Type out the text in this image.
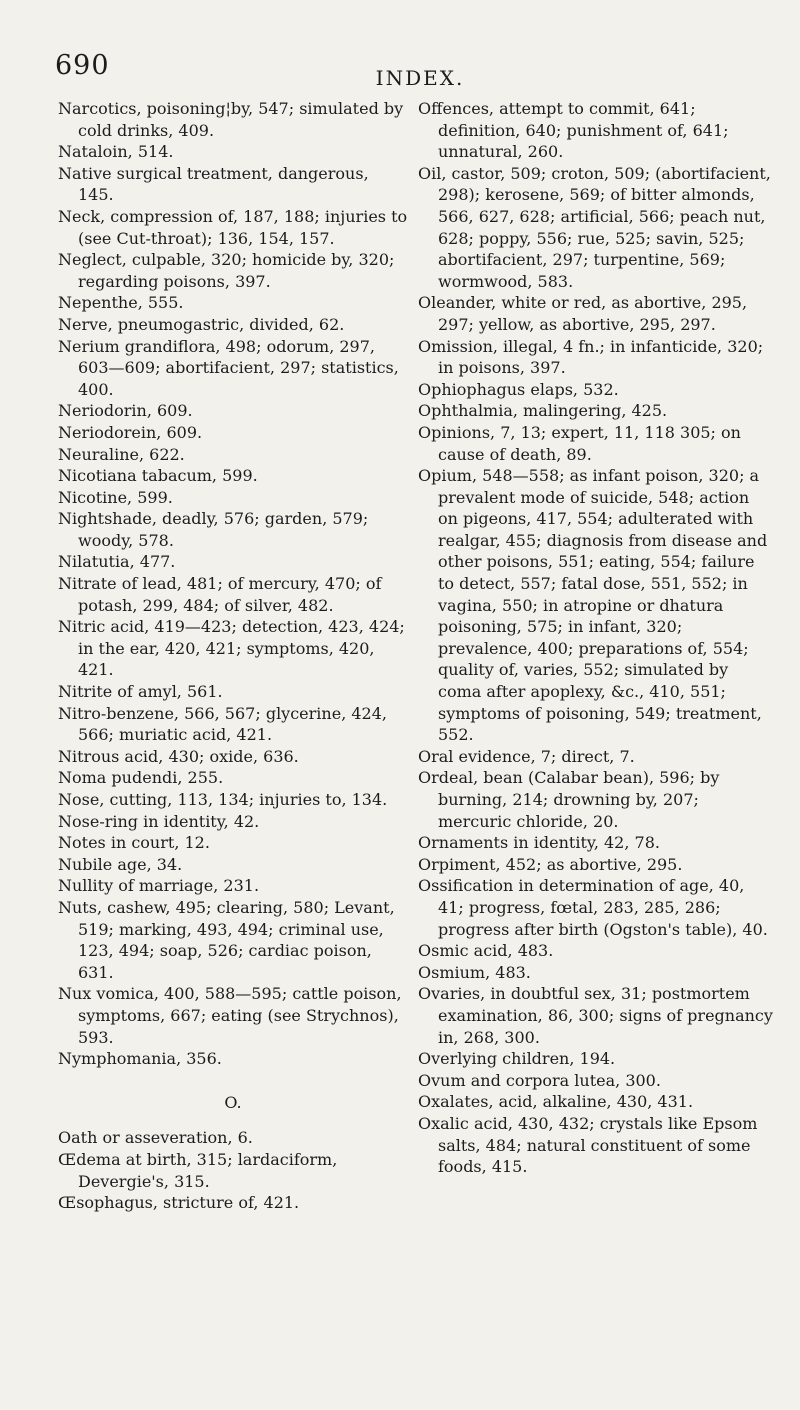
690	INDEX.

Narcotics, poisoning¦by, 547; simulated by cold drinks, 409.

Nataloin, 514.

Native surgical treatment, dangerous, 145.

Neck, compression of, 187, 188; injuries to (see Cut-throat); 136, 154, 157.

Neglect, culpable, 320; homicide by, 320; regarding poisons, 397.

Nepenthe, 555.

Nerve, pneumogastric, divided, 62.

Nerium grandiflora, 498; odorum, 297, 603—609; abortifacient, 297; statistics, 400.

Neriodorin, 609.

Neriodorein, 609.

Neuraline, 622.

Nicotiana tabacum, 599.

Nicotine, 599.

Nightshade, deadly, 576; garden, 579; woody, 578.

Nilatutia, 477.

Nitrate of lead, 481; of mercury, 470; of potash, 299, 484; of silver, 482.

Nitric acid, 419—423; detection, 423, 424; in the ear, 420, 421; symptoms, 420, 421.

Nitrite of amyl, 561.

Nitro-benzene, 566, 567; glycerine, 424, 566; muriatic acid, 421.

Nitrous acid, 430; oxide, 636.

Noma pudendi, 255.

Nose, cutting, 113, 134; injuries to, 134.

Nose-ring in identity, 42.

Notes in court, 12.

Nubile age, 34.

Nullity of marriage, 231.

Nuts, cashew, 495; clearing, 580; Levant, 519; marking, 493, 494; criminal use, 123, 494; soap, 526; cardiac poison, 631.

Nux vomica, 400, 588—595; cattle poison, symptoms, 667; eating (see Strychnos), 593.

Nymphomania, 356.

O.

Oath or asseveration, 6.

Œdema at birth, 315; lardaciform, Devergie's, 315.

Œsophagus, stricture of, 421.

Offences, attempt to commit, 641; definition, 640; punishment of, 641; unnatural, 260.

Oil, castor, 509; croton, 509; (abortifacient, 298); kerosene, 569; of bitter almonds, 566, 627, 628; artificial, 566; peach nut, 628; poppy, 556; rue, 525; savin, 525; abortifacient, 297; turpentine, 569; wormwood, 583.

Oleander, white or red, as abortive, 295, 297; yellow, as abortive, 295, 297.

Omission, illegal, 4 fn.; in infanticide, 320; in poisons, 397.

Ophiophagus elaps, 532.

Ophthalmia, malingering, 425.

Opinions, 7, 13; expert, 11, 118 305; on cause of death, 89.

Opium, 548—558; as infant poison, 320; a prevalent mode of suicide, 548; action on pigeons, 417, 554; adulterated with realgar, 455; diagnosis from disease and other poisons, 551; eating, 554; failure to detect, 557; fatal dose, 551, 552; in vagina, 550; in atropine or dhatura poisoning, 575; in infant, 320; prevalence, 400; preparations of, 554; quality of, varies, 552; simulated by coma after apoplexy, &c., 410, 551; symptoms of poisoning, 549; treatment, 552.

Oral evidence, 7; direct, 7.

Ordeal, bean (Calabar bean), 596; by burning, 214; drowning by, 207; mercuric chloride, 20.

Ornaments in identity, 42, 78.

Orpiment, 452; as abortive, 295.

Ossification in determination of age, 40, 41; progress, fœtal, 283, 285, 286; progress after birth (Ogston's table), 40.

Osmic acid, 483.

Osmium, 483.

Ovaries, in doubtful sex, 31; postmortem examination, 86, 300; signs of pregnancy in, 268, 300.

Overlying children, 194.

Ovum and corpora lutea, 300.

Oxalates, acid, alkaline, 430, 431.

Oxalic acid, 430, 432; crystals like Epsom salts, 484; natural constituent of some foods, 415.
